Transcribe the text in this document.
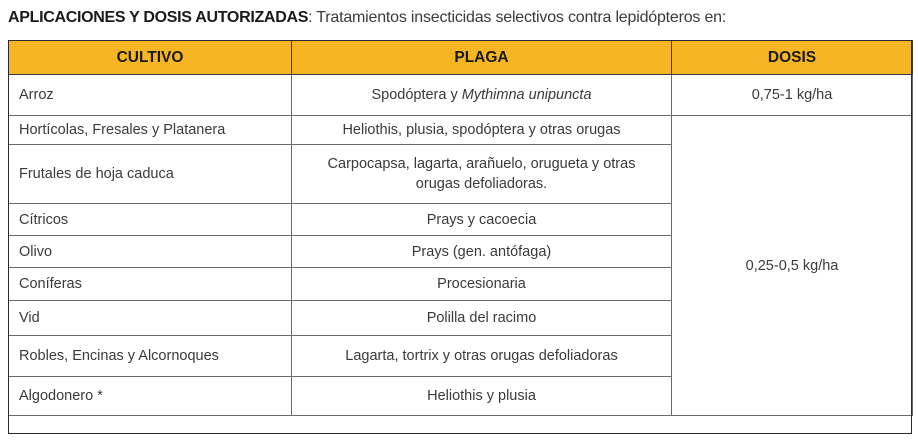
APLICACIONES Y DOSIS AUTORIZADAS: Tratamientos insecticidas selectivos contra lepidópteros en:
CULTIVO	PLAGA	DOSIS
Arroz	Spodóptera y Mythimna unipuncta	0,75-1 kg/ha
Hortícolas, Fresales y Platanera	Heliothis, plusia, spodóptera y otras orugas	0,25-0,5 kg/ha
Frutales de hoja caduca	Carpocapsa, lagarta, arañuelo, orugueta y otras
orugas defoliadoras.	
Cítricos	Prays y cacoecia	
Olivo	Prays (gen. antófaga)	
Coníferas	Procesionaria	
Vid	Polilla del racimo	
Robles, Encinas y Alcornoques	Lagarta, tortrix y otras orugas defoliadoras	
Algodonero *	Heliothis y plusia	
